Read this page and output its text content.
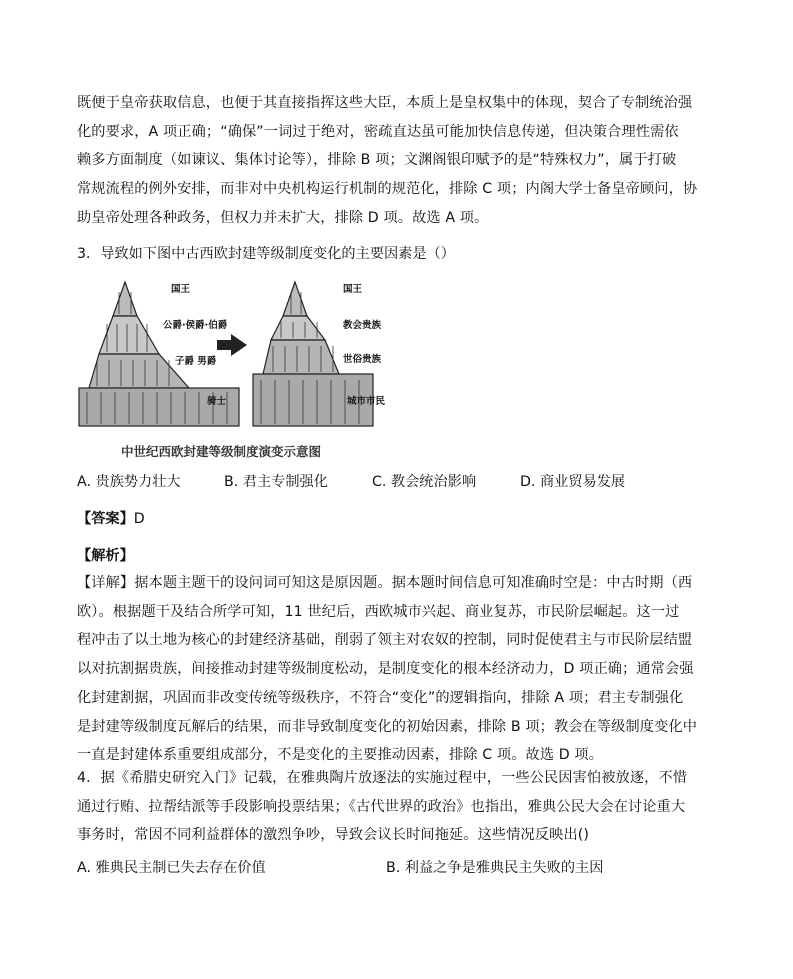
既便于皇帝获取信息，也便于其直接指挥这些大臣，本质上是皇权集中的体现，契合了专制统治强
化的要求，A 项正确；“确保”一词过于绝对，密疏直达虽可能加快信息传递，但决策合理性需依
赖多方面制度（如谏议、集体讨论等），排除 B 项；文渊阁银印赋予的是“特殊权力”，属于打破
常规流程的例外安排，而非对中央机构运行机制的规范化，排除 C 项；内阁大学士备皇帝顾问，协
助皇帝处理各种政务，但权力并未扩大，排除 D 项。故选 A 项。
3．导致如下图中古西欧封建等级制度变化的主要因素是（）
国王
公爵·侯爵·伯爵
子爵 男爵
骑士
国王
教会贵族
世俗贵族
城市市民
中世纪西欧封建等级制度演变示意图
A. 贵族势力壮大	B. 君主专制强化	C. 教会统治影响	D. 商业贸易发展
【答案】D
【解析】
【详解】据本题主题干的设问词可知这是原因题。据本题时间信息可知准确时空是：中古时期（西
欧）。根据题干及结合所学可知，11 世纪后，西欧城市兴起、商业复苏，市民阶层崛起。这一过
程冲击了以土地为核心的封建经济基础，削弱了领主对农奴的控制，同时促使君主与市民阶层结盟
以对抗割据贵族，间接推动封建等级制度松动，是制度变化的根本经济动力，D 项正确；通常会强
化封建割据，巩固而非改变传统等级秩序，不符合“变化”的逻辑指向，排除 A 项；君主专制强化
是封建等级制度瓦解后的结果，而非导致制度变化的初始因素，排除 B 项；教会在等级制度变化中
一直是封建体系重要组成部分，不是变化的主要推动因素，排除 C 项。故选 D 项。
4．据《希腊史研究入门》记载，在雅典陶片放逐法的实施过程中，一些公民因害怕被放逐，不惜
通过行贿、拉帮结派等手段影响投票结果；《古代世界的政治》也指出，雅典公民大会在讨论重大
事务时，常因不同利益群体的激烈争吵，导致会议长时间拖延。这些情况反映出()
A. 雅典民主制已失去存在价值	B. 利益之争是雅典民主失败的主因
